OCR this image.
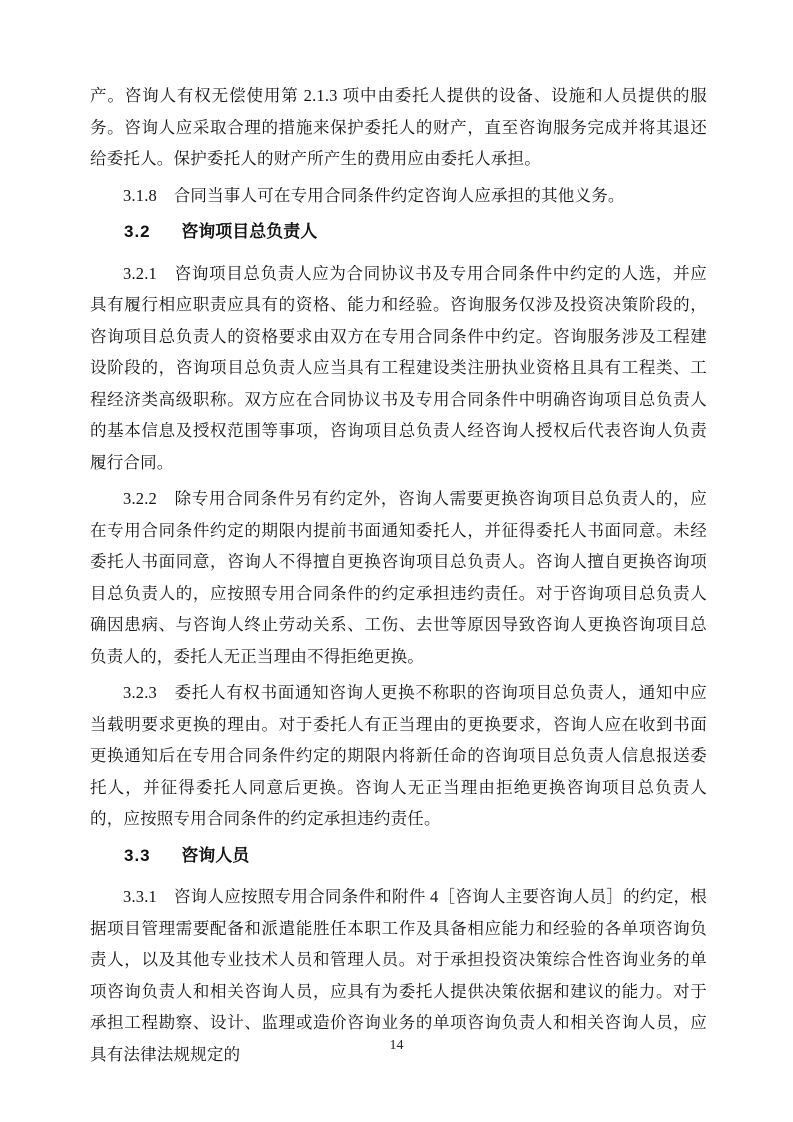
产。咨询人有权无偿使用第 2.1.3 项中由委托人提供的设备、设施和人员提供的服务。咨询人应采取合理的措施来保护委托人的财产，直至咨询服务完成并将其退还给委托人。保护委托人的财产所产生的费用应由委托人承担。

3.1.8　合同当事人可在专用合同条件约定咨询人应承担的其他义务。

3.2 咨询项目总负责人

3.2.1　咨询项目总负责人应为合同协议书及专用合同条件中约定的人选，并应具有履行相应职责应具有的资格、能力和经验。咨询服务仅涉及投资决策阶段的，咨询项目总负责人的资格要求由双方在专用合同条件中约定。咨询服务涉及工程建设阶段的，咨询项目总负责人应当具有工程建设类注册执业资格且具有工程类、工程经济类高级职称。双方应在合同协议书及专用合同条件中明确咨询项目总负责人的基本信息及授权范围等事项，咨询项目总负责人经咨询人授权后代表咨询人负责履行合同。

3.2.2　除专用合同条件另有约定外，咨询人需要更换咨询项目总负责人的，应在专用合同条件约定的期限内提前书面通知委托人，并征得委托人书面同意。未经委托人书面同意，咨询人不得擅自更换咨询项目总负责人。咨询人擅自更换咨询项目总负责人的，应按照专用合同条件的约定承担违约责任。对于咨询项目总负责人确因患病、与咨询人终止劳动关系、工伤、去世等原因导致咨询人更换咨询项目总负责人的，委托人无正当理由不得拒绝更换。

3.2.3　委托人有权书面通知咨询人更换不称职的咨询项目总负责人，通知中应当载明要求更换的理由。对于委托人有正当理由的更换要求，咨询人应在收到书面更换通知后在专用合同条件约定的期限内将新任命的咨询项目总负责人信息报送委托人，并征得委托人同意后更换。咨询人无正当理由拒绝更换咨询项目总负责人的，应按照专用合同条件的约定承担违约责任。

3.3 咨询人员

3.3.1　咨询人应按照专用合同条件和附件 4［咨询人主要咨询人员］的约定，根据项目管理需要配备和派遣能胜任本职工作及具备相应能力和经验的各单项咨询负责人，以及其他专业技术人员和管理人员。对于承担投资决策综合性咨询业务的单项咨询负责人和相关咨询人员，应具有为委托人提供决策依据和建议的能力。对于承担工程勘察、设计、监理或造价咨询业务的单项咨询负责人和相关咨询人员，应具有法律法规规定的	14
